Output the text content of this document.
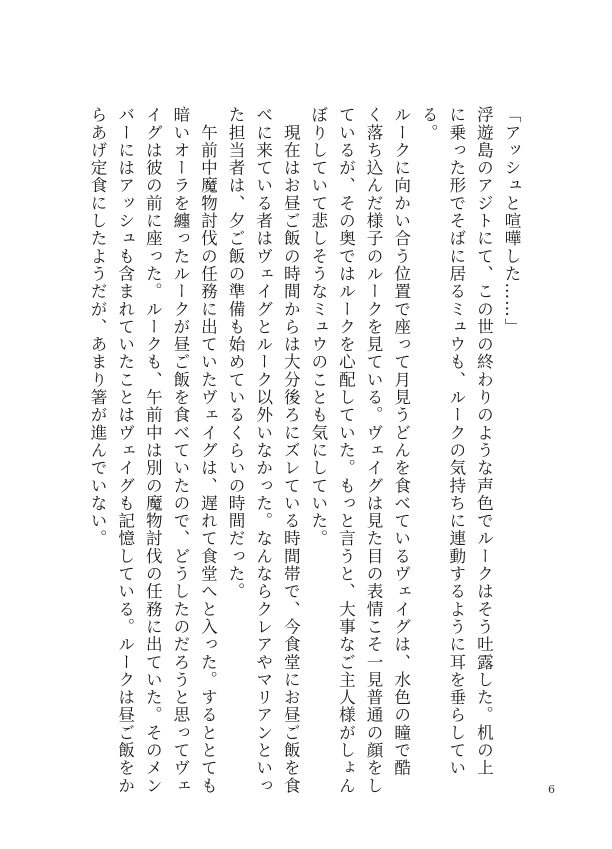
「アッシュと喧嘩した……」

浮遊島のアジトにて、この世の終わりのような声色でルークはそう吐露した。机の上
に乗った形でそばに居るミュウも、ルークの気持ちに連動するように耳を垂らしている。
ルークに向かい合う位置で座って月見うどんを食べているヴェイグは、水色の瞳で酷
く落ち込んだ様子のルークを見ている。ヴェイグは見た目の表情こそ一見普通の顔をし
ているが、その奥ではルークを心配していた。もっと言うと、大事なご主人様がしょん
ぼりしていて悲しそうなミュウのことも気にしていた。

　現在はお昼ご飯の時間からは大分後ろにズレている時間帯で、今食堂にお昼ご飯を食
べに来ている者はヴェイグとルーク以外いなかった。なんならクレアやマリアンといっ
た担当者は、夕ご飯の準備も始めているくらいの時間だった。

　午前中魔物討伐の任務に出ていたヴェイグは、遅れて食堂へと入った。するととても
暗いオーラを纏ったルークが昼ご飯を食べていたので、どうしたのだろうと思ってヴェ
イグは彼の前に座った。ルークも、午前中は別の魔物討伐の任務に出ていた。そのメン
バーにはアッシュも含まれていたことはヴェイグも記憶している。ルークは昼ご飯をか
らあげ定食にしたようだが、あまり箸が進んでいない。

6
